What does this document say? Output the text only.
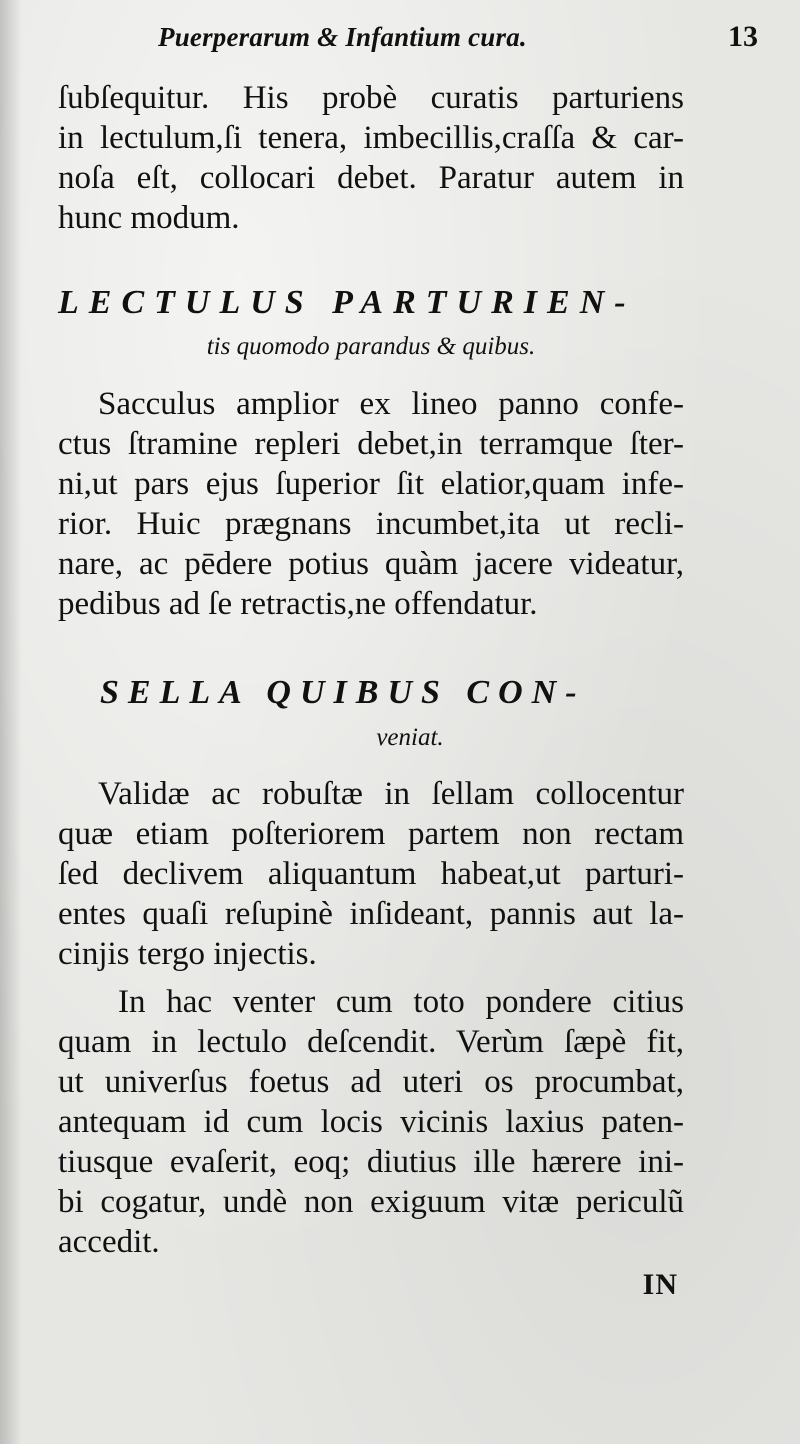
Puerperarum & Infantium cura.	13
ſubſequitur. His probè curatis parturiens
in lectulum,ſi tenera, imbecillis,craſſa & car-
noſa eſt, collocari debet. Paratur autem in
hunc modum.
LECTULUS PARTURIEN-
tis quomodo parandus & quibus.
Sacculus amplior ex lineo panno confe-
ctus ſtramine repleri debet,in terramque ſter-
ni,ut pars ejus ſuperior ſit elatior,quam infe-
rior. Huic prægnans incumbet,ita ut recli-
nare, ac pēdere potius quàm jacere videatur,
pedibus ad ſe retractis,ne offendatur.
SELLA QUIBUS CON-
veniat.
Validæ ac robuſtæ in ſellam collocentur
quæ etiam poſteriorem partem non rectam
ſed declivem aliquantum habeat,ut parturi-
entes quaſi reſupinè inſideant, pannis aut la-
cinjis tergo injectis.
In hac venter cum toto pondere citius
quam in lectulo deſcendit. Verùm ſæpè fit,
ut univerſus foetus ad uteri os procumbat,
antequam id cum locis vicinis laxius paten-
tiusque evaſerit, eoq; diutius ille hærere ini-
bi cogatur, undè non exiguum vitæ periculũ
accedit.
IN
